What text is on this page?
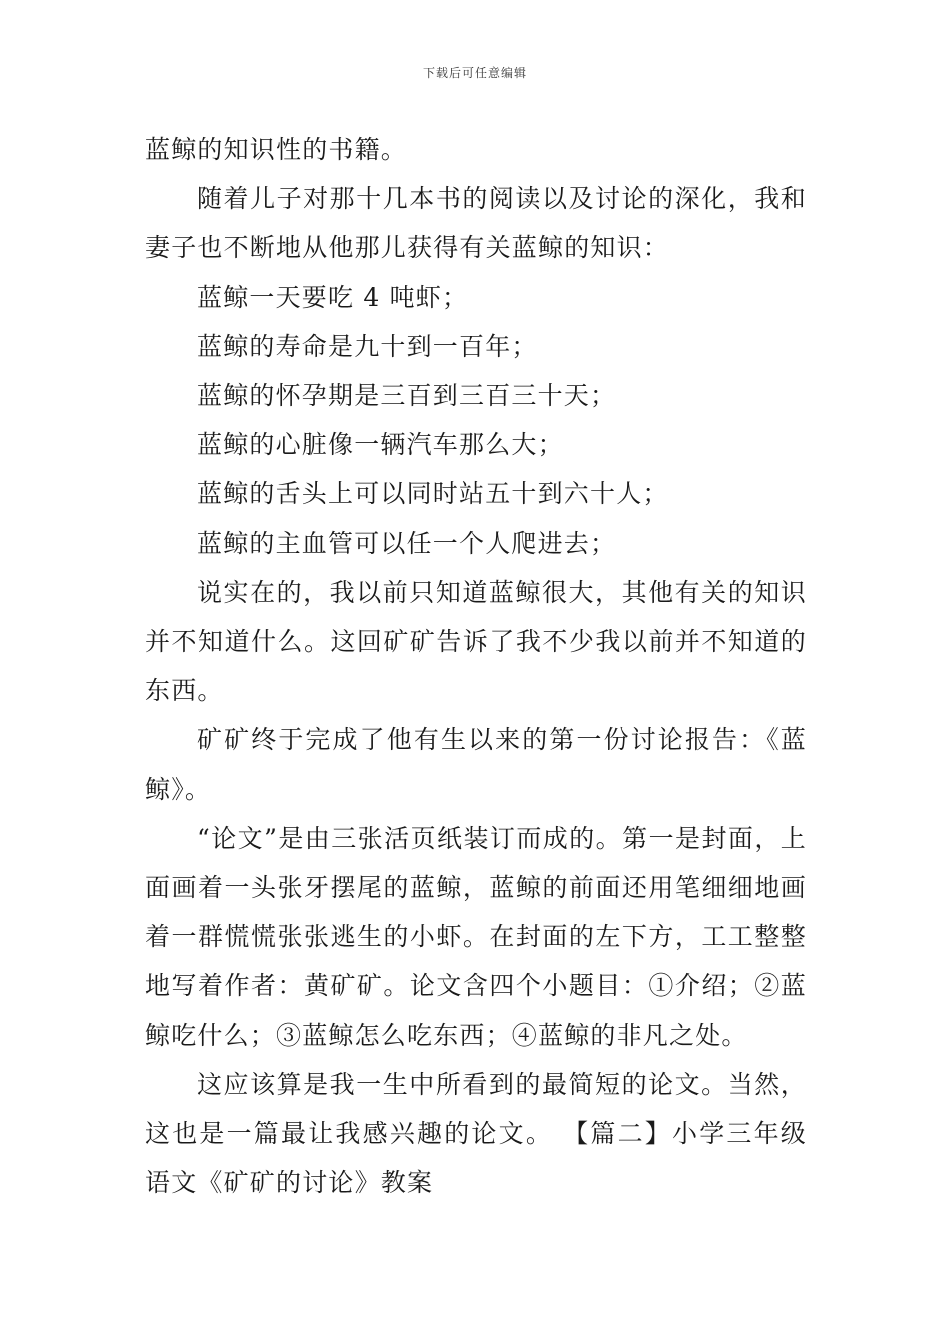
下载后可任意编辑

蓝鲸的知识性的书籍。

随着儿子对那十几本书的阅读以及讨论的深化，我和妻子也不断地从他那儿获得有关蓝鲸的知识：

蓝鲸一天要吃 4 吨虾；

蓝鲸的寿命是九十到一百年；

蓝鲸的怀孕期是三百到三百三十天；

蓝鲸的心脏像一辆汽车那么大；

蓝鲸的舌头上可以同时站五十到六十人；

蓝鲸的主血管可以任一个人爬进去；

说实在的，我以前只知道蓝鲸很大，其他有关的知识并不知道什么。这回矿矿告诉了我不少我以前并不知道的东西。

矿矿终于完成了他有生以来的第一份讨论报告：《蓝鲸》。

“论文”是由三张活页纸装订而成的。第一是封面，上面画着一头张牙摆尾的蓝鲸，蓝鲸的前面还用笔细细地画着一群慌慌张张逃生的小虾。在封面的左下方，工工整整地写着作者：黄矿矿。论文含四个小题目：①介绍；②蓝鲸吃什么；③蓝鲸怎么吃东西；④蓝鲸的非凡之处。

这应该算是我一生中所看到的最简短的论文。当然，这也是一篇最让我感兴趣的论文。 【篇二】小学三年级语文《矿矿的讨论》教案
